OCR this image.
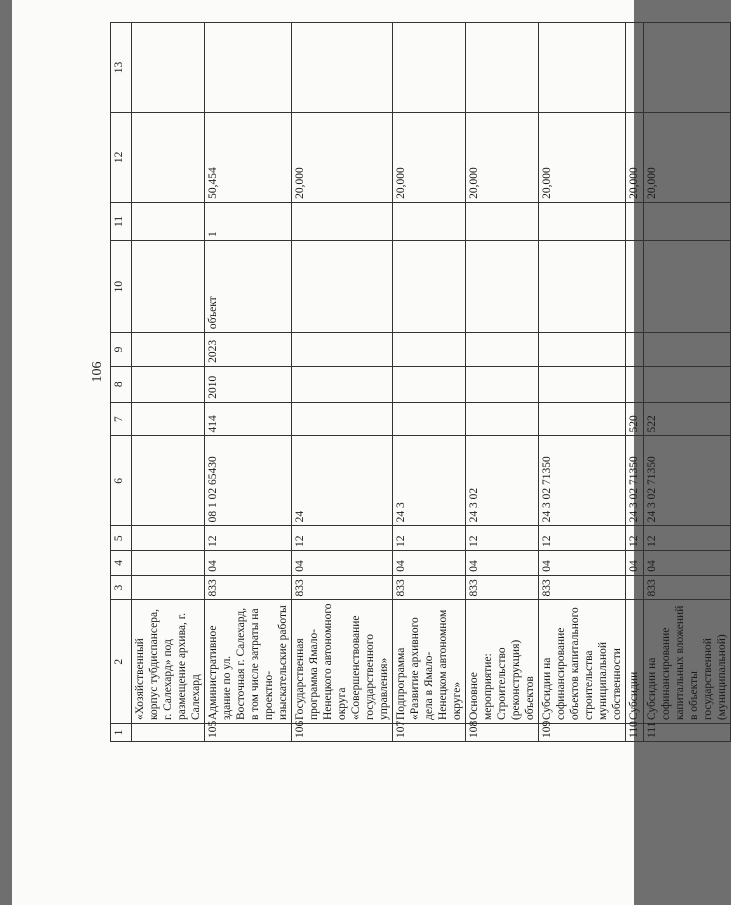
106
1	2	3	4	5	6	7	8	9	10	11	12	13
	«Хозяйственный корпус тубдиспансера, г. Салехард» под размещение архива, г. Салехард											
105	Административное здание по ул. Восточная г. Салехард, в том числе затраты на проектно-изыскательские работы	833	04	12	08 1 02 65430	414	2010	2023	объект	1	50,454	
106	Государственная программа Ямало-Ненецкого автономного округа «Совершенствование государственного управления»	833	04	12	24						20,000	
107	Подпрограмма «Развитие архивного дела в Ямало-Ненецком автономном округе»	833	04	12	24 3						20,000	
108	Основное мероприятие: Строительство (реконструкция) объектов	833	04	12	24 3 02						20,000	
109	Субсидии на софинансирование объектов капитального строительства муниципальной собственности	833	04	12	24 3 02 71350						20,000	
110	Субсидии		04	12	24 3 02 71350	520					20,000	
111	Субсидии на софинансирование капитальных вложений в объекты государственной (муниципальной)	833	04	12	24 3 02 71350	522					20,000	
